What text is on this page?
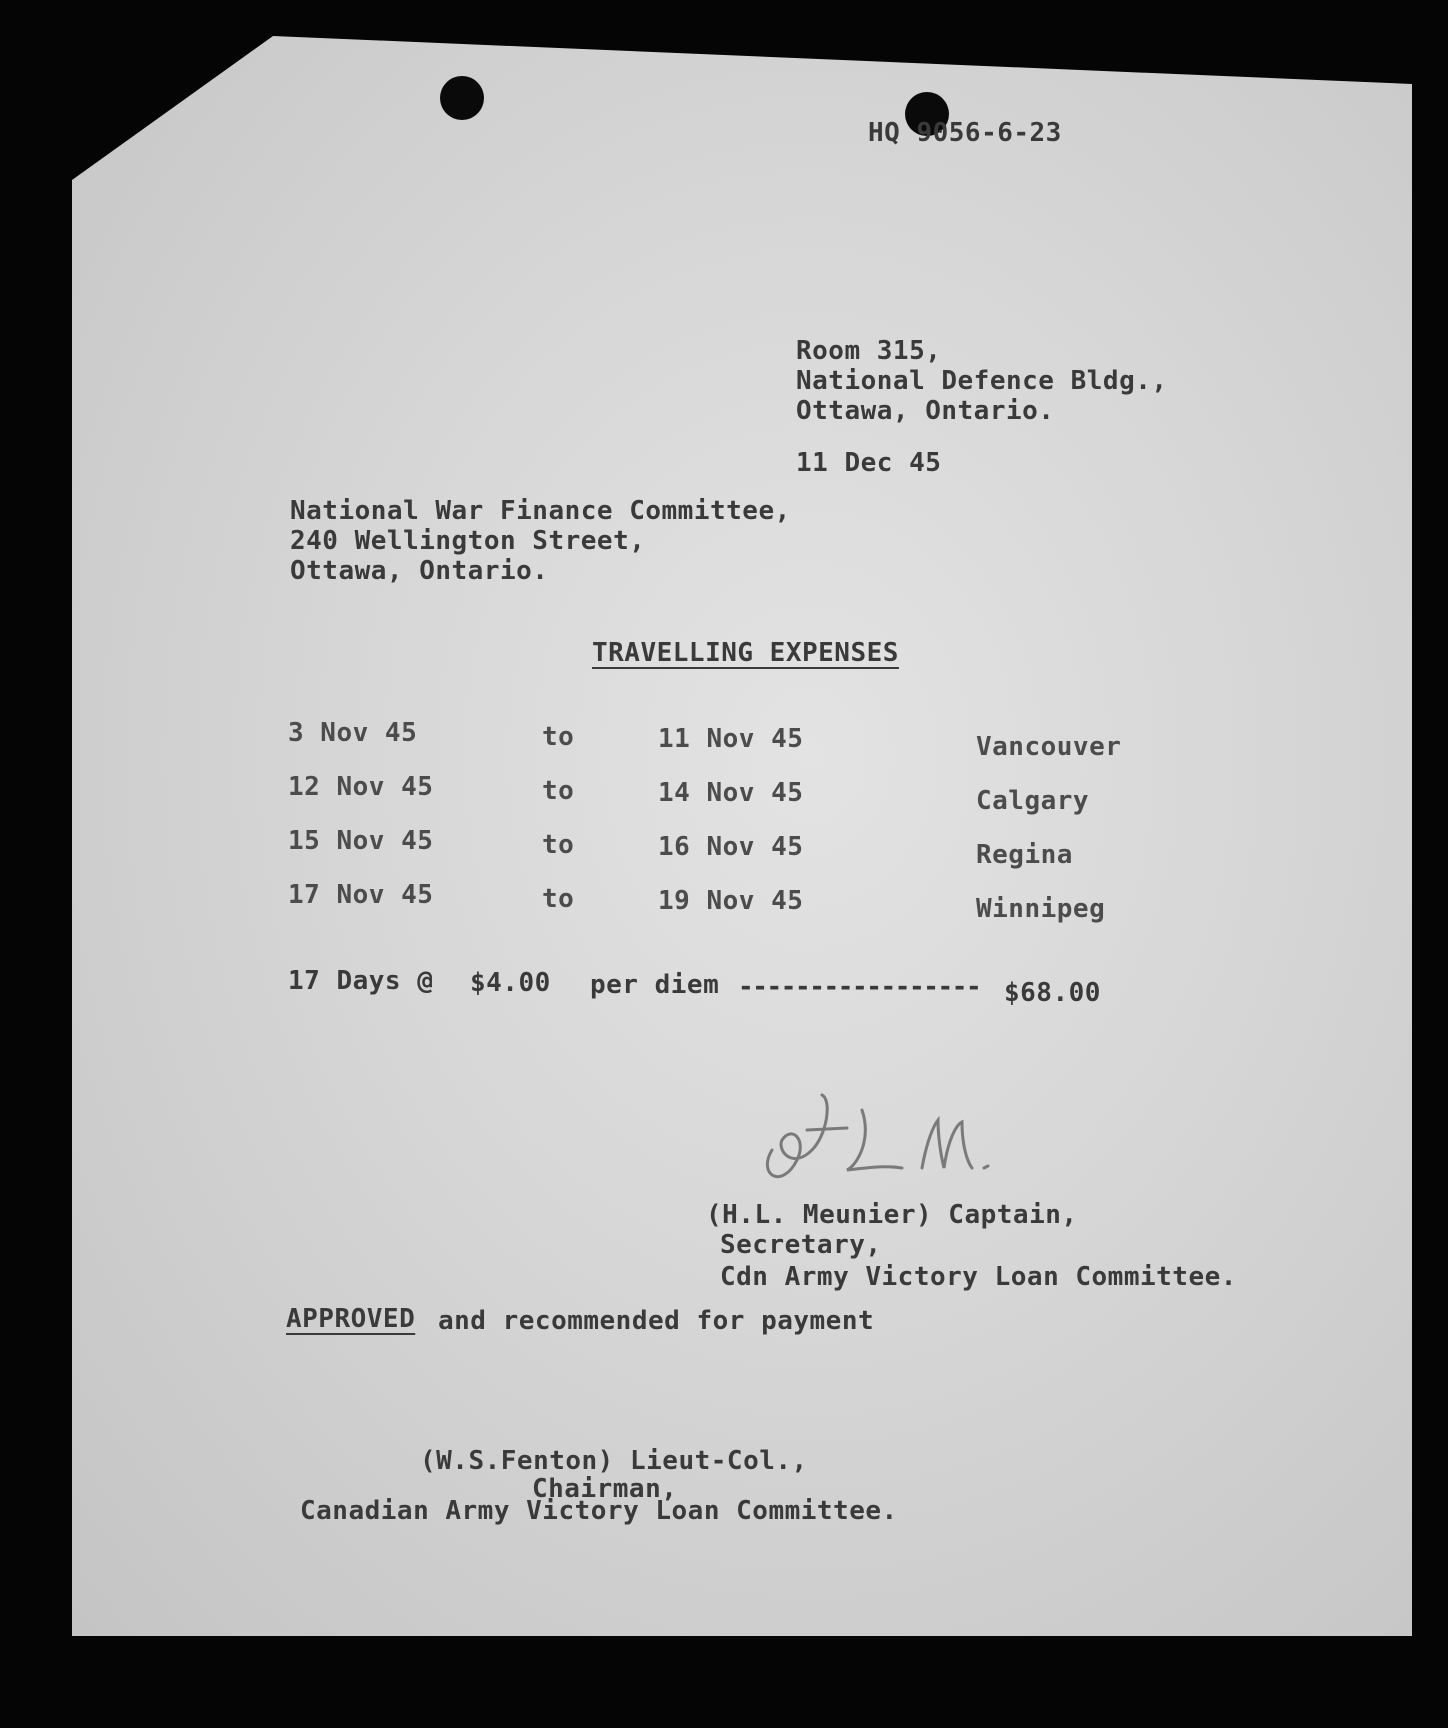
HQ 9056-6-23
Room 315,
National Defence Bldg.,
Ottawa, Ontario.
11 Dec 45
National War Finance Committee,
240 Wellington Street,
Ottawa, Ontario.
TRAVELLING EXPENSES
3 Nov 45	to	11 Nov 45	Vancouver
12 Nov 45	to	14 Nov 45	Calgary
15 Nov 45	to	16 Nov 45	Regina
17 Nov 45	to	19 Nov 45	Winnipeg
17 Days @ $4.00 per diem ----------------- $68.00
(H.L. Meunier) Captain,
Secretary,
Cdn Army Victory Loan Committee.
APPROVED and recommended for payment
(W.S.Fenton) Lieut-Col.,
Chairman,
Canadian Army Victory Loan Committee.
